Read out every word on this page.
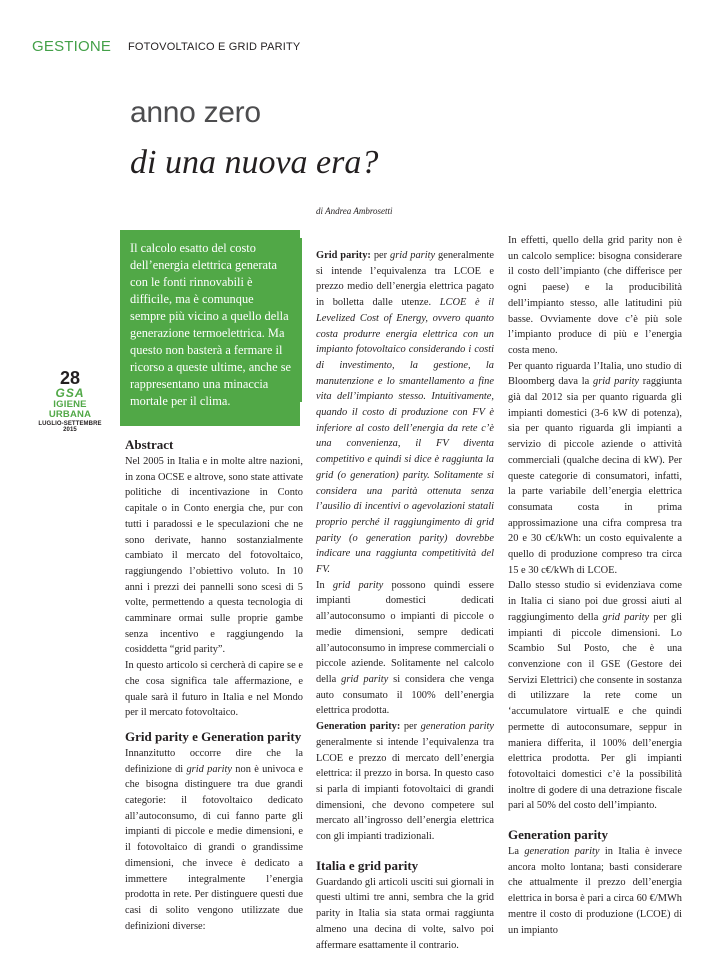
GESTIONE FOTOVOLTAICO E GRID PARITY
anno zero
di una nuova era?
di Andrea Ambrosetti
Il calcolo esatto del costo dell’energia elettrica generata con le fonti rinnovabili è difficile, ma è comunque sempre più vicino a quello della generazione termoelettrica. Ma questo non basterà a fermare il ricorso a queste ultime, anche se rappresentano una minaccia mortale per il clima.
28
GSA
IGIENE URBANA
LUGLIO-SETTEMBRE 2015
Abstract

Nel 2005 in Italia e in molte altre nazioni, in zona OCSE e altrove, sono state attivate politiche di incentivazione in Conto capitale o in Conto energia che, pur con tutti i paradossi e le speculazioni che ne sono derivate, hanno sostanzialmente cambiato il mercato del fotovoltaico, raggiungendo l’obiettivo voluto. In 10 anni i prezzi dei pannelli sono scesi di 5 volte, permettendo a questa tecnologia di camminare ormai sulle proprie gambe senza incentivo e raggiungendo la cosiddetta “grid parity”.

In questo articolo si cercherà di capire se e che cosa significa tale affermazione, e quale sarà il futuro in Italia e nel Mondo per il mercato fotovoltaico.

Grid parity e Generation parity

Innanzitutto occorre dire che la definizione di grid parity non è univoca e che bisogna distinguere tra due grandi categorie: il fotovoltaico dedicato all’autoconsumo, di cui fanno parte gli impianti di piccole e medie dimensioni, e il fotovoltaico di grandi o grandissime dimensioni, che invece è dedicato a immettere integralmente l’energia prodotta in rete. Per distinguere questi due casi di solito vengono utilizzate due definizioni diverse:

Grid parity: per grid parity generalmente si intende l’equivalenza tra LCOE e prezzo medio dell’energia elettrica pagato in bolletta dalle utenze. LCOE è il Levelized Cost of Energy, ovvero quanto costa produrre energia elettrica con un impianto fotovoltaico considerando i costi di investimento, la gestione, la manutenzione e lo smantellamento a fine vita dell’impianto stesso. Intuitivamente, quando il costo di produzione con FV è inferiore al costo dell’energia da rete c’è una convenienza, il FV diventa competitivo e quindi si dice è raggiunta la grid (o generation) parity. Solitamente si considera una parità ottenuta senza l’ausilio di incentivi o agevolazioni statali proprio perché il raggiungimento di grid parity (o generation parity) dovrebbe indicare una raggiunta competitività del FV.

In grid parity possono quindi essere impianti domestici dedicati all’autoconsumo o impianti di piccole o medie dimensioni, sempre dedicati all’autoconsumo in imprese commerciali o piccole aziende. Solitamente nel calcolo della grid parity si considera che venga auto consumato il 100% dell’energia elettrica prodotta.

Generation parity: per generation parity generalmente si intende l’equivalenza tra LCOE e prezzo di mercato dell’energia elettrica: il prezzo in borsa. In questo caso si parla di impianti fotovoltaici di grandi dimensioni, che devono competere sul mercato all’ingrosso dell’energia elettrica con gli impianti tradizionali.

Italia e grid parity

Guardando gli articoli usciti sui giornali in questi ultimi tre anni, sembra che la grid parity in Italia sia stata ormai raggiunta almeno una decina di volte, salvo poi affermare esattamente il contrario.

In effetti, quello della grid parity non è un calcolo semplice: bisogna considerare il costo dell’impianto (che differisce per ogni paese) e la producibilità dell’impianto stesso, alle latitudini più basse. Ovviamente dove c’è più sole l’impianto produce di più e l’energia costa meno.

Per quanto riguarda l’Italia, uno studio di Bloomberg dava la grid parity raggiunta già dal 2012 sia per quanto riguarda gli impianti domestici (3-6 kW di potenza), sia per quanto riguarda gli impianti a servizio di piccole aziende o attività commerciali (qualche decina di kW). Per queste categorie di consumatori, infatti, la parte variabile dell’energia elettrica consumata costa in prima approssimazione una cifra compresa tra 20 e 30 c€/kWh: un costo equivalente a quello di produzione compreso tra circa 15 e 30 c€/kWh di LCOE.

Dallo stesso studio si evidenziava come in Italia ci siano poi due grossi aiuti al raggiungimento della grid parity per gli impianti di piccole dimensioni. Lo Scambio Sul Posto, che è una convenzione con il GSE (Gestore dei Servizi Elettrici) che consente in sostanza di utilizzare la rete come un ‘accumulatore virtualE e che quindi permette di autoconsumare, seppur in maniera differita, il 100% dell’energia elettrica prodotta. Per gli impianti fotovoltaici domestici c’è la possibilità inoltre di godere di una detrazione fiscale pari al 50% del costo dell’impianto.

Generation parity

La generation parity in Italia è invece ancora molto lontana; basti considerare che attualmente il prezzo dell’energia elettrica in borsa è pari a circa 60 €/MWh mentre il costo di produzione (LCOE) di un impianto
